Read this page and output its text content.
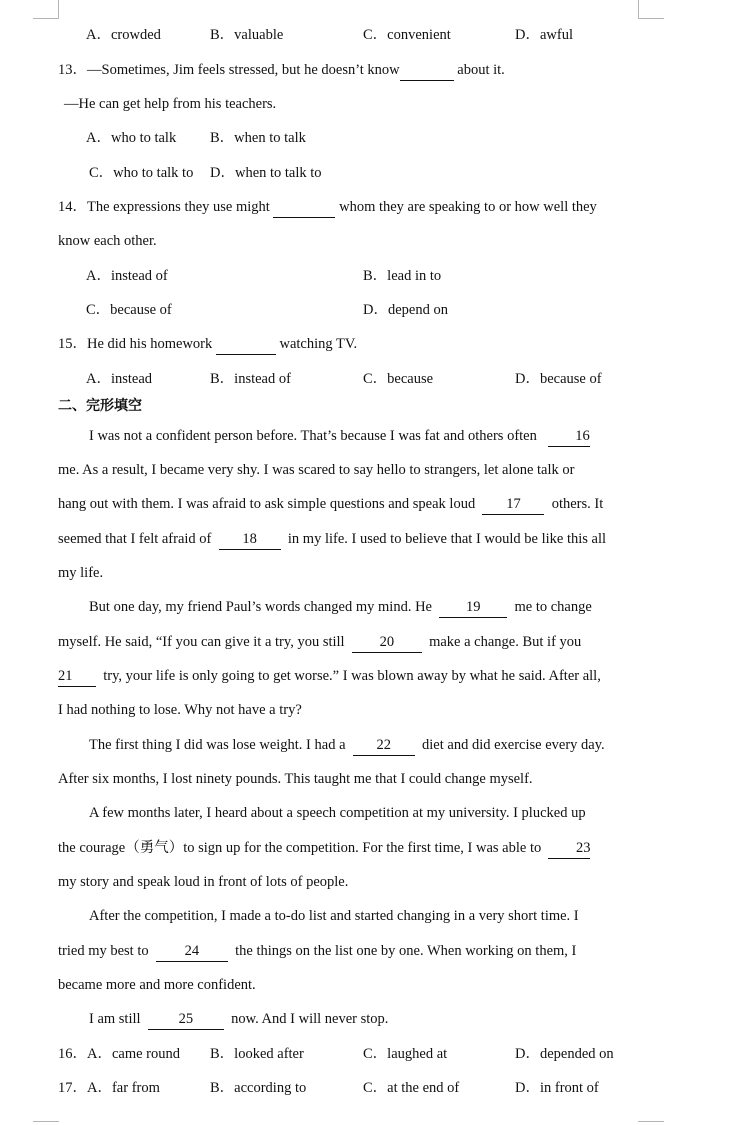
A．crowded	B．valuable	C．convenient	D．awful
13．—Sometimes, Jim feels stressed, but he doesn’t know	about it.
—He can get help from his teachers.
A．who to talk B．when to talk
C．who to talk to D．when to talk to
14．The expressions they use might	whom they are speaking to or how well they
know each other.
A．instead of	B．lead in to
C．because of	D．depend on
15．He did his homework	watching TV.
A．instead	B．instead of	C．because	D．because of
二、完形填空
I was not a confident person before. That’s because I was fat and others often	16
me. As a result, I became very shy. I was scared to say hello to strangers, let alone talk or
hang out with them. I was afraid to ask simple questions and speak loud 17 others. It
seemed that I felt afraid of 18 in my life. I used to believe that I would be like this all
my life.
But one day, my friend Paul’s words changed my mind. He 19 me to change
myself. He said, “If you can give it a try, you still 20 make a change. But if you
21 try, your life is only going to get worse.” I was blown away by what he said. After all,
I had nothing to lose. Why not have a try?
The first thing I did was lose weight. I had a 22 diet and did exercise every day.
After six months, I lost ninety pounds. This taught me that I could change myself.
A few months later, I heard about a speech competition at my university. I plucked up
the courage（勇气）to sign up for the competition. For the first time, I was able to 23
my story and speak loud in front of lots of people.
After the competition, I made a to-do list and started changing in a very short time. I
tried my best to 24 the things on the list one by one. When working on them, I
became more and more confident.
I am still	25	now. And I will never stop.
16．A．came round B．looked after	C．laughed at	D．depended on
17．A．far from	B．according to	C．at the end of	D．in front of
